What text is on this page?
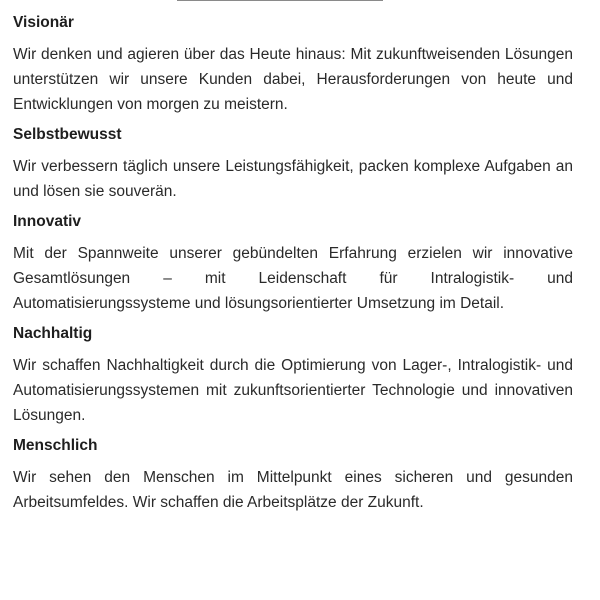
Visionär
Wir denken und agieren über das Heute hinaus: Mit zukunftweisenden Lösungen unterstützen wir unsere Kunden dabei, Herausforderungen von heute und Entwicklungen von morgen zu meistern.
Selbstbewusst
Wir verbessern täglich unsere Leistungsfähigkeit, packen komplexe Aufgaben an und lösen sie souverän.
Innovativ
Mit der Spannweite unserer gebündelten Erfahrung erzielen wir innovative Gesamtlösungen – mit Leidenschaft für Intralogistik- und Automatisierungssysteme und lösungsorientierter Umsetzung im Detail.
Nachhaltig
Wir schaffen Nachhaltigkeit durch die Optimierung von Lager-, Intralogistik- und Automatisierungssystemen mit zukunftsorientierter Technologie und innovativen Lösungen.
Menschlich
Wir sehen den Menschen im Mittelpunkt eines sicheren und gesunden Arbeitsumfeldes. Wir schaffen die Arbeitsplätze der Zukunft.
